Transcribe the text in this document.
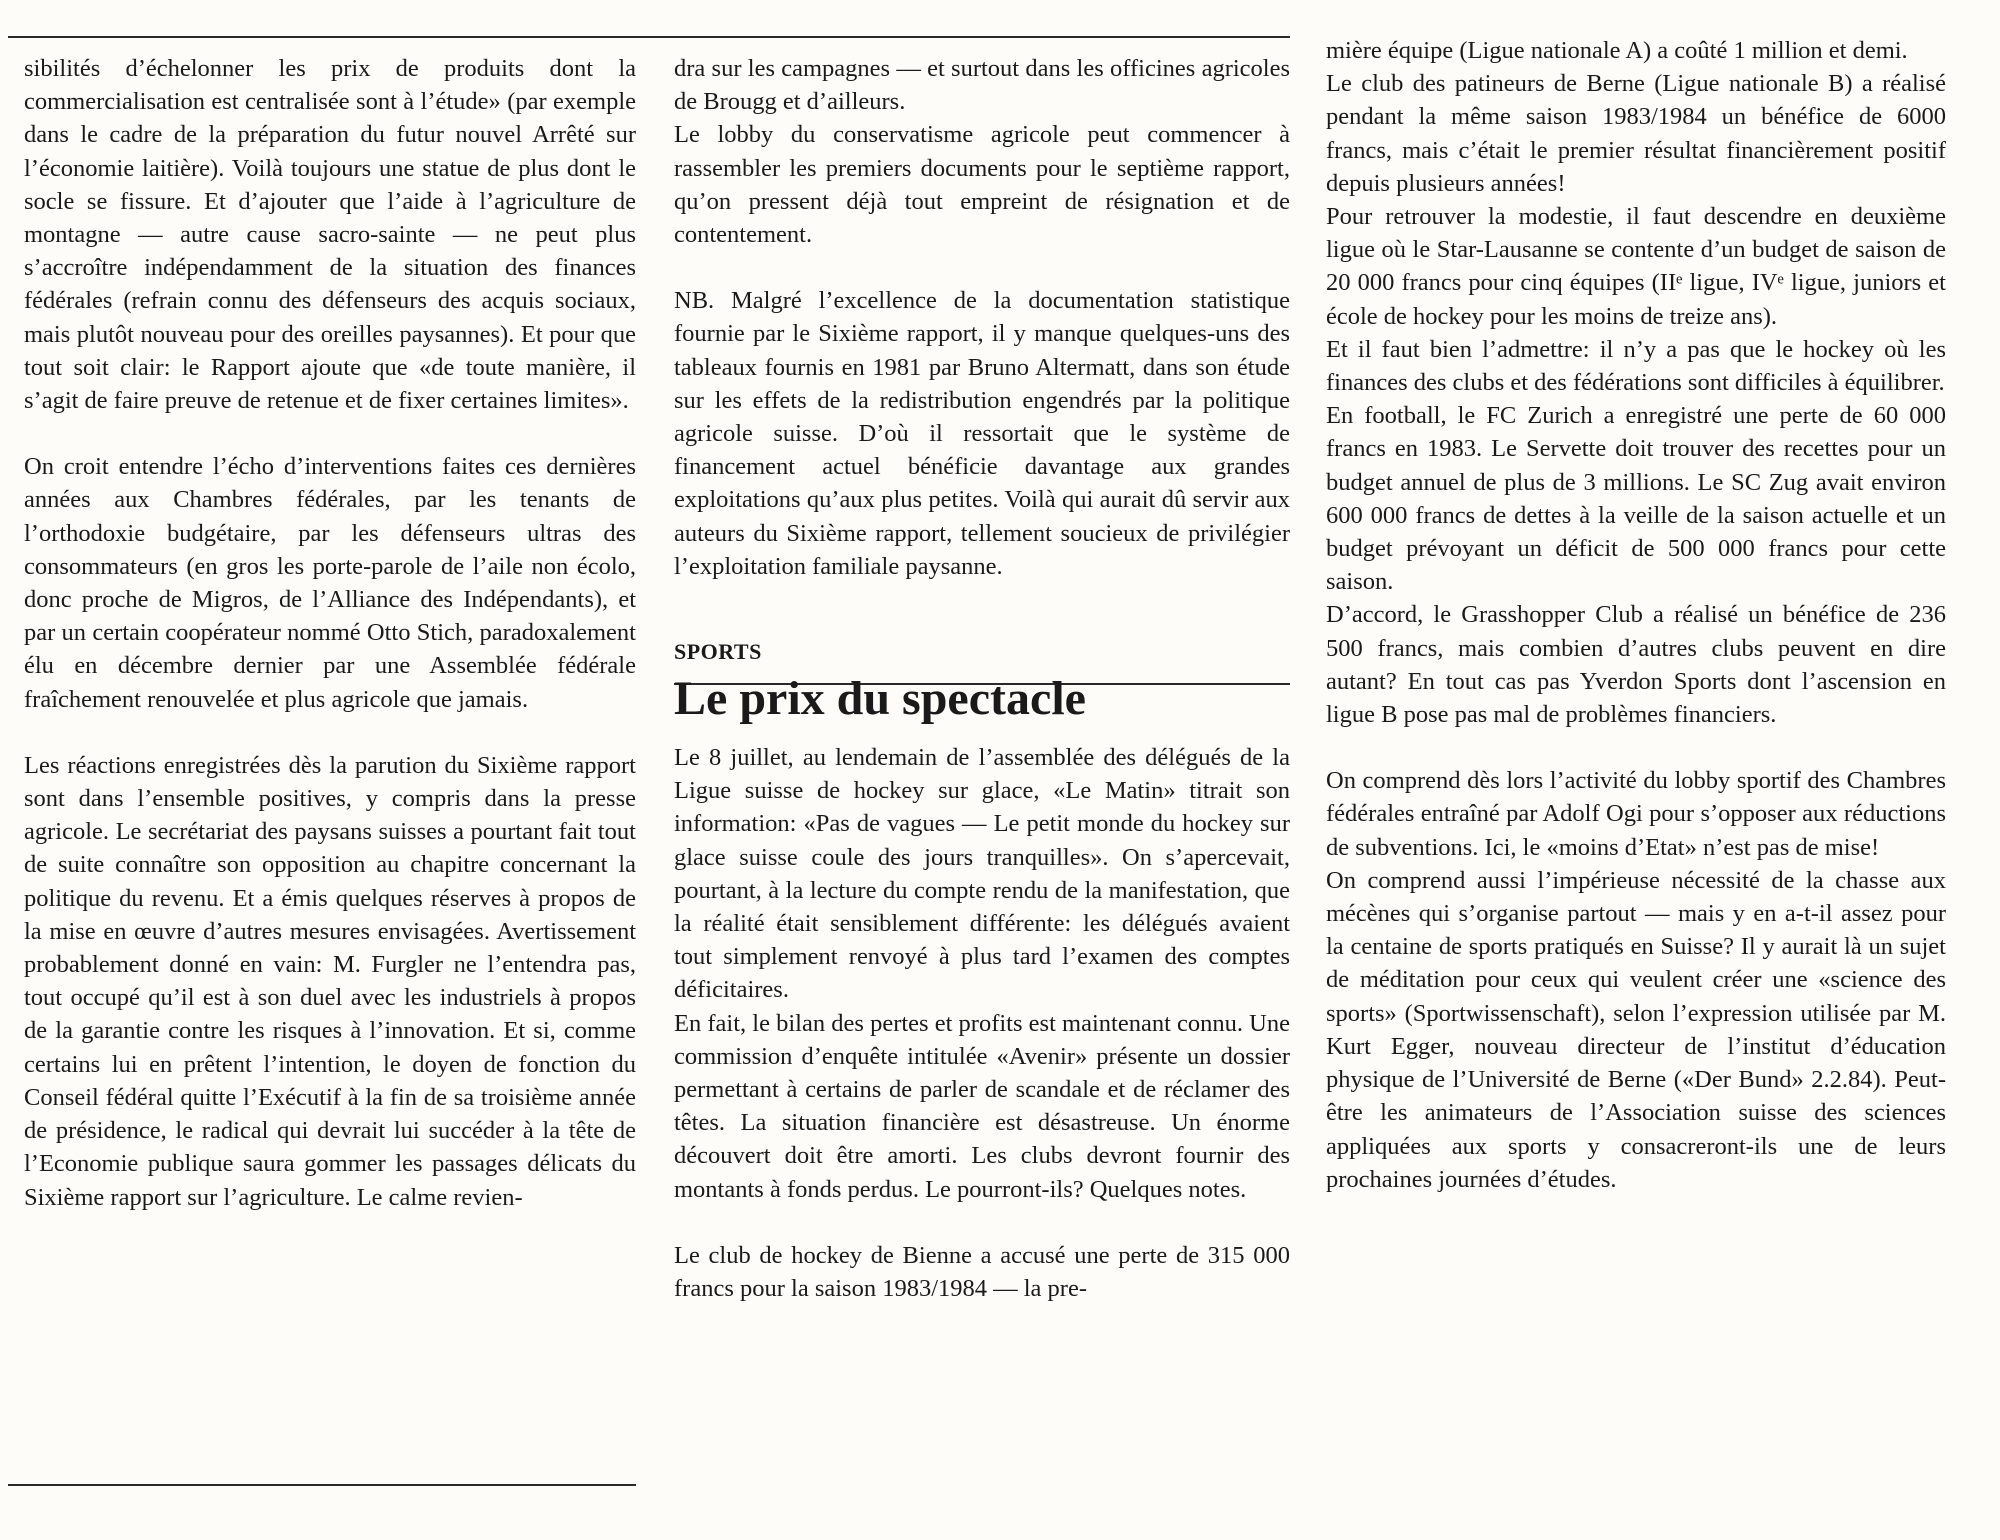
sibilités d’échelonner les prix de produits dont la commercialisation est centralisée sont à l’étude» (par exemple dans le cadre de la préparation du futur nouvel Arrêté sur l’économie laitière). Voilà toujours une statue de plus dont le socle se fissure. Et d’ajouter que l’aide à l’agriculture de montagne — autre cause sacro-sainte — ne peut plus s’accroître indépendamment de la situation des finances fédérales (refrain connu des défenseurs des acquis sociaux, mais plutôt nouveau pour des oreilles paysannes). Et pour que tout soit clair: le Rapport ajoute que «de toute manière, il s’agit de faire preuve de retenue et de fixer certaines limites».

On croit entendre l’écho d’interventions faites ces dernières années aux Chambres fédérales, par les tenants de l’orthodoxie budgétaire, par les défenseurs ultras des consommateurs (en gros les porte-parole de l’aile non écolo, donc proche de Migros, de l’Alliance des Indépendants), et par un certain coopérateur nommé Otto Stich, paradoxalement élu en décembre dernier par une Assemblée fédérale fraîchement renouvelée et plus agricole que jamais.

Les réactions enregistrées dès la parution du Sixième rapport sont dans l’ensemble positives, y compris dans la presse agricole. Le secrétariat des paysans suisses a pourtant fait tout de suite connaître son opposition au chapitre concernant la politique du revenu. Et a émis quelques réserves à propos de la mise en œuvre d’autres mesures envisagées. Avertissement probablement donné en vain: M. Furgler ne l’entendra pas, tout occupé qu’il est à son duel avec les industriels à propos de la garantie contre les risques à l’innovation. Et si, comme certains lui en prêtent l’intention, le doyen de fonction du Conseil fédéral quitte l’Exécutif à la fin de sa troisième année de présidence, le radical qui devrait lui succéder à la tête de l’Economie publique saura gommer les passages délicats du Sixième rapport sur l’agriculture. Le calme revien-

dra sur les campagnes — et surtout dans les officines agricoles de Brougg et d’ailleurs.

Le lobby du conservatisme agricole peut commencer à rassembler les premiers documents pour le septième rapport, qu’on pressent déjà tout empreint de résignation et de contentement.

NB. Malgré l’excellence de la documentation statistique fournie par le Sixième rapport, il y manque quelques-uns des tableaux fournis en 1981 par Bruno Altermatt, dans son étude sur les effets de la redistribution engendrés par la politique agricole suisse. D’où il ressortait que le système de financement actuel bénéficie davantage aux grandes exploitations qu’aux plus petites. Voilà qui aurait dû servir aux auteurs du Sixième rapport, tellement soucieux de privilégier l’exploitation familiale paysanne.

SPORTS
Le prix du spectacle

Le 8 juillet, au lendemain de l’assemblée des délégués de la Ligue suisse de hockey sur glace, «Le Matin» titrait son information: «Pas de vagues — Le petit monde du hockey sur glace suisse coule des jours tranquilles». On s’apercevait, pourtant, à la lecture du compte rendu de la manifestation, que la réalité était sensiblement différente: les délégués avaient tout simplement renvoyé à plus tard l’examen des comptes déficitaires.

En fait, le bilan des pertes et profits est maintenant connu. Une commission d’enquête intitulée «Avenir» présente un dossier permettant à certains de parler de scandale et de réclamer des têtes. La situation financière est désastreuse. Un énorme découvert doit être amorti. Les clubs devront fournir des montants à fonds perdus. Le pourront-ils? Quelques notes.

Le club de hockey de Bienne a accusé une perte de 315 000 francs pour la saison 1983/1984 — la pre-

mière équipe (Ligue nationale A) a coûté 1 million et demi.

Le club des patineurs de Berne (Ligue nationale B) a réalisé pendant la même saison 1983/1984 un bénéfice de 6000 francs, mais c’était le premier résultat financièrement positif depuis plusieurs années!

Pour retrouver la modestie, il faut descendre en deuxième ligue où le Star-Lausanne se contente d’un budget de saison de 20 000 francs pour cinq équipes (IIᵉ ligue, IVᵉ ligue, juniors et école de hockey pour les moins de treize ans).

Et il faut bien l’admettre: il n’y a pas que le hockey où les finances des clubs et des fédérations sont difficiles à équilibrer.

En football, le FC Zurich a enregistré une perte de 60 000 francs en 1983. Le Servette doit trouver des recettes pour un budget annuel de plus de 3 millions. Le SC Zug avait environ 600 000 francs de dettes à la veille de la saison actuelle et un budget prévoyant un déficit de 500 000 francs pour cette saison.

D’accord, le Grasshopper Club a réalisé un bénéfice de 236 500 francs, mais combien d’autres clubs peuvent en dire autant? En tout cas pas Yverdon Sports dont l’ascension en ligue B pose pas mal de problèmes financiers.

On comprend dès lors l’activité du lobby sportif des Chambres fédérales entraîné par Adolf Ogi pour s’opposer aux réductions de subventions. Ici, le «moins d’Etat» n’est pas de mise!

On comprend aussi l’impérieuse nécessité de la chasse aux mécènes qui s’organise partout — mais y en a-t-il assez pour la centaine de sports pratiqués en Suisse? Il y aurait là un sujet de méditation pour ceux qui veulent créer une «science des sports» (Sportwissenschaft), selon l’expression utilisée par M. Kurt Egger, nouveau directeur de l’institut d’éducation physique de l’Université de Berne («Der Bund» 2.2.84). Peut-être les animateurs de l’Association suisse des sciences appliquées aux sports y consacreront-ils une de leurs prochaines journées d’études.
